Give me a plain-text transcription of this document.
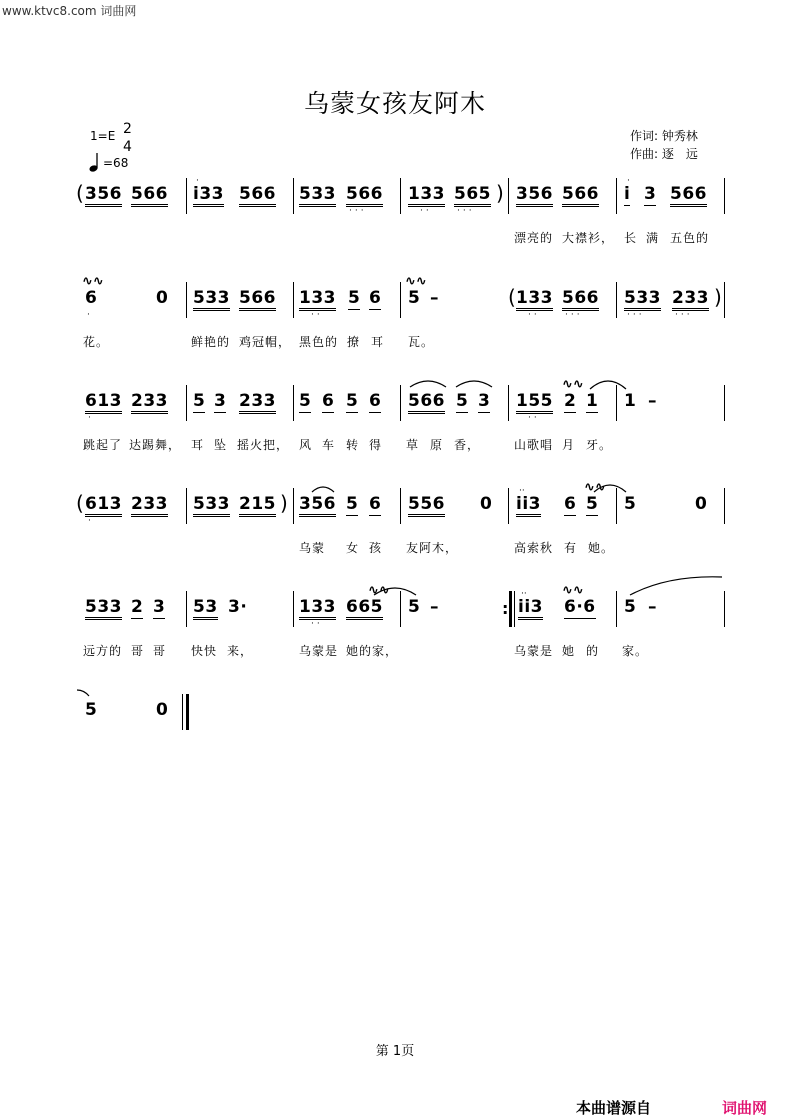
www.ktvc8.com 词曲网
乌蒙女孩友阿木
1=E 2
4
=68
作词: 钟秀林
作曲: 逐　远
( 356 566
·
i33 566 533 566
···
133
··
565
···
) 356 566
·
i 3 566
漂亮的 大襟衫， 长 满 五色的
∿∿
6
·
0 533 566 133
··
5 6
∿∿
5 –	( 133
··
566
···
533
···
233
···
)
花。	鲜艳的 鸡冠帽， 黑色的 撩 耳 瓦。
613
·
233 5 3 233 5 6 5 6 566 5 3 155
··
∿∿
2 1 1 –
跳起了 达踢舞， 耳 坠 摇火把， 风 车 转 得 草 原 香，	山歌唱 月 牙。
( 613
·
233 533 215 ) 356 5 6 556 0
··
ii3
∿∿
6 5 5	0
乌蒙 女 孩 友阿木，	高索秋 有 她。
533 2 3 53 3·	133
··
∿∿
665 5 –	:
··
ii3
∿∿
6·6 5 –
远方的 哥 哥 快快 来，	乌蒙是 她的家，	乌蒙是 她 的 家。
5	0
第 1页
本曲谱源自	词曲网
